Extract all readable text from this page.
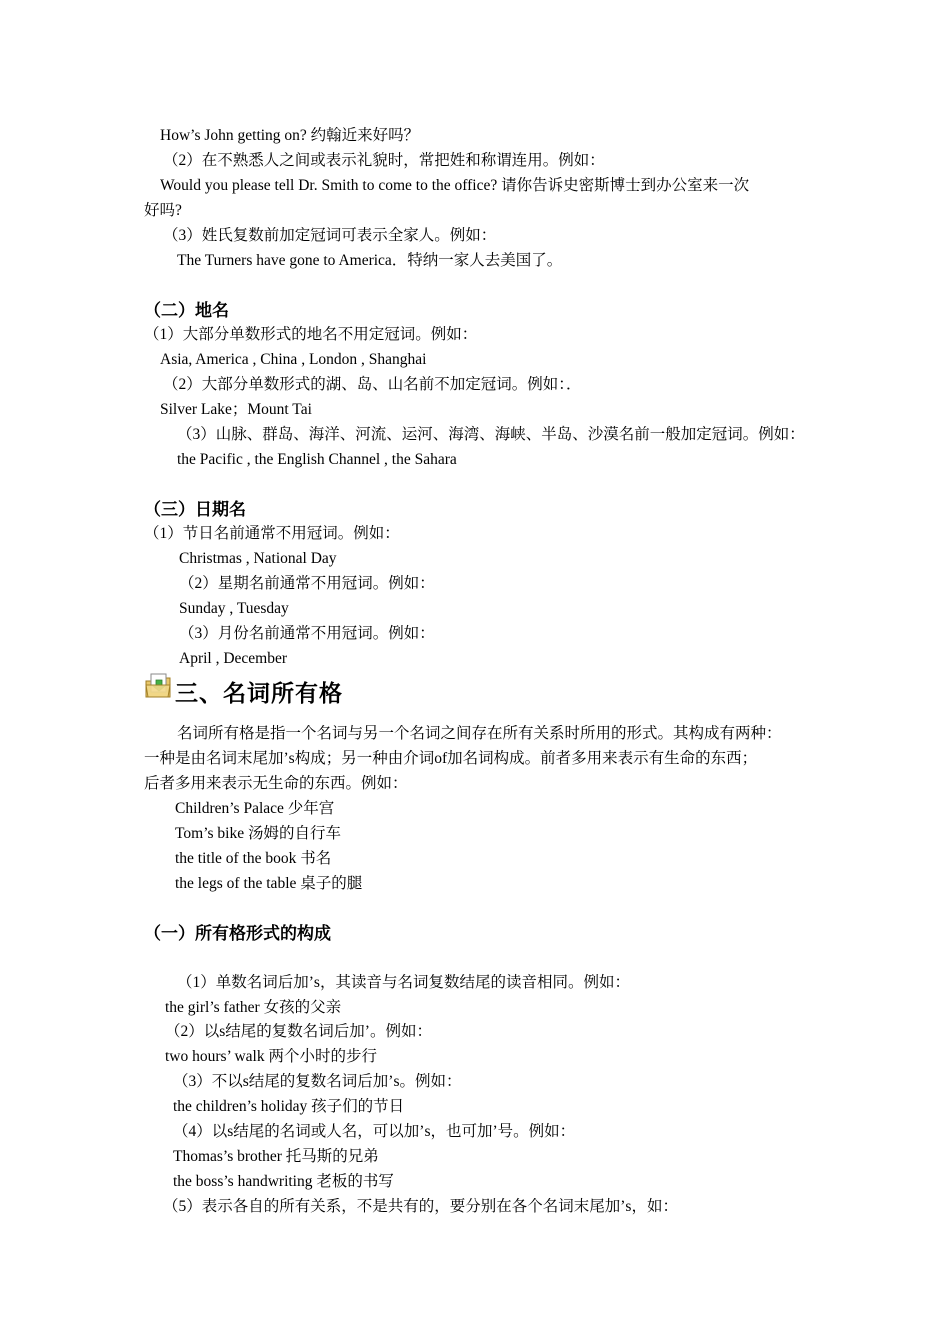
How’s John getting on? 约翰近来好吗？
（2）在不熟悉人之间或表示礼貌时，常把姓和称谓连用。例如：
Would you please tell Dr. Smith to come to the office? 请你告诉史密斯博士到办公室来一次
好吗?
（3）姓氏复数前加定冠词可表示全家人。例如：
The Turners have gone to America．特纳一家人去美国了。
（二）地名
（1）大部分单数形式的地名不用定冠词。例如：
Asia, America , China , London , Shanghai
（2）大部分单数形式的湖、岛、山名前不加定冠词。例如：．
Silver Lake；Mount Tai
（3）山脉、群岛、海洋、河流、运河、海湾、海峡、半岛、沙漠名前一般加定冠词。例如：
the Pacific , the English Channel , the Sahara
（三）日期名
（1）节日名前通常不用冠词。例如：
Christmas , National Day
（2）星期名前通常不用冠词。例如：
Sunday , Tuesday
（3）月份名前通常不用冠词。例如：
April , December
三、名词所有格
名词所有格是指一个名词与另一个名词之间存在所有关系时所用的形式。其构成有两种：
一种是由名词末尾加’s构成；另一种由介词of加名词构成。前者多用来表示有生命的东西；
后者多用来表示无生命的东西。例如：
Children’s Palace 少年宫
Tom’s bike 汤姆的自行车
the title of the book 书名
the legs of the table 桌子的腿
（一）所有格形式的构成
（1）单数名词后加’s，其读音与名词复数结尾的读音相同。例如：
the girl’s father 女孩的父亲
（2）以s结尾的复数名词后加’。例如：
two hours’ walk 两个小时的步行
（3）不以s结尾的复数名词后加’s。例如：
the children’s holiday 孩子们的节日
（4）以s结尾的名词或人名，可以加’s，也可加’号。例如：
Thomas’s brother 托马斯的兄弟
the boss’s handwriting 老板的书写
（5）表示各自的所有关系，不是共有的，要分别在各个名词末尾加’s，如：
